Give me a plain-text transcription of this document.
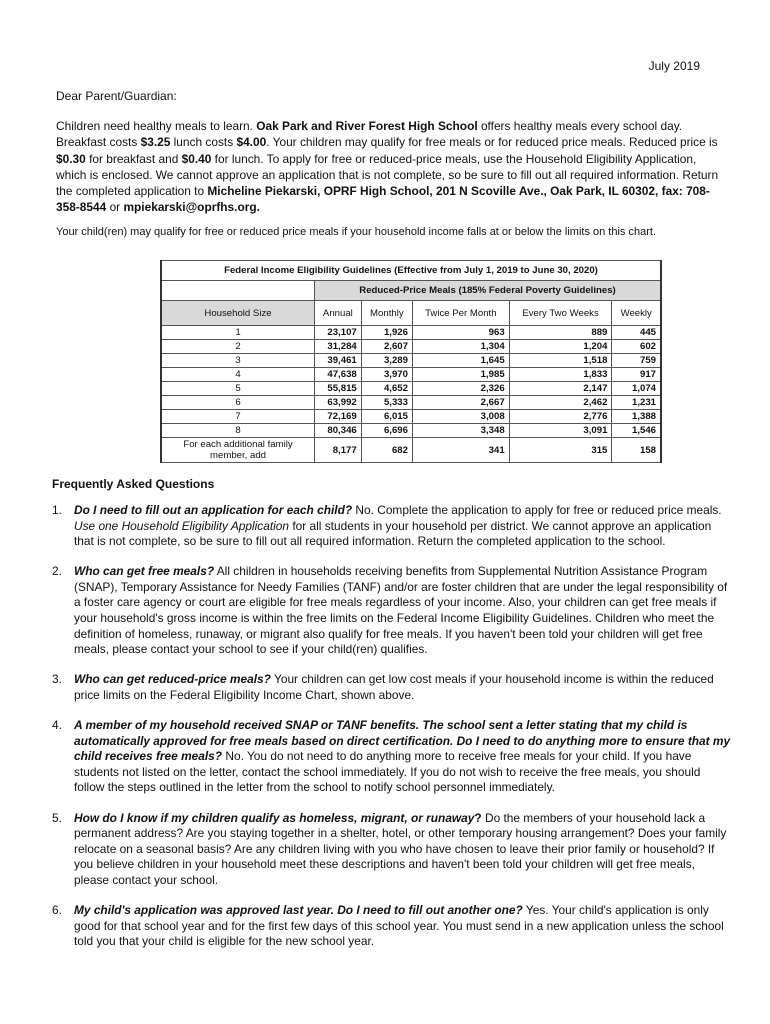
July 2019
Dear Parent/Guardian:
Children need healthy meals to learn. Oak Park and River Forest High School offers healthy meals every school day. Breakfast costs $3.25 lunch costs $4.00. Your children may qualify for free meals or for reduced price meals. Reduced price is $0.30 for breakfast and $0.40 for lunch. To apply for free or reduced-price meals, use the Household Eligibility Application, which is enclosed. We cannot approve an application that is not complete, so be sure to fill out all required information. Return the completed application to Micheline Piekarski, OPRF High School, 201 N Scoville Ave., Oak Park, IL 60302, fax: 708-358-8544 or mpiekarski@oprfhs.org.
Your child(ren) may qualify for free or reduced price meals if your household income falls at or below the limits on this chart.
Federal Income Eligibility Guidelines (Effective from July 1, 2019 to June 30, 2020)					
	Reduced-Price Meals (185% Federal Poverty Guidelines)				
Household Size	Annual	Monthly	Twice Per Month	Every Two Weeks	Weekly
1	23,107	1,926	963	889	445
2	31,284	2,607	1,304	1,204	602
3	39,461	3,289	1,645	1,518	759
4	47,638	3,970	1,985	1,833	917
5	55,815	4,652	2,326	2,147	1,074
6	63,992	5,333	2,667	2,462	1,231
7	72,169	6,015	3,008	2,776	1,388
8	80,346	6,696	3,348	3,091	1,546
For each additional family member, add	8,177	682	341	315	158
Frequently Asked Questions
1. Do I need to fill out an application for each child? No. Complete the application to apply for free or reduced price meals. Use one Household Eligibility Application for all students in your household per district. We cannot approve an application that is not complete, so be sure to fill out all required information. Return the completed application to the school.
2. Who can get free meals? All children in households receiving benefits from Supplemental Nutrition Assistance Program (SNAP), Temporary Assistance for Needy Families (TANF) and/or are foster children that are under the legal responsibility of a foster care agency or court are eligible for free meals regardless of your income. Also, your children can get free meals if your household's gross income is within the free limits on the Federal Income Eligibility Guidelines. Children who meet the definition of homeless, runaway, or migrant also qualify for free meals. If you haven't been told your children will get free meals, please contact your school to see if your child(ren) qualifies.
3. Who can get reduced-price meals? Your children can get low cost meals if your household income is within the reduced price limits on the Federal Eligibility Income Chart, shown above.
4. A member of my household received SNAP or TANF benefits. The school sent a letter stating that my child is automatically approved for free meals based on direct certification. Do I need to do anything more to ensure that my child receives free meals? No. You do not need to do anything more to receive free meals for your child. If you have students not listed on the letter, contact the school immediately. If you do not wish to receive the free meals, you should follow the steps outlined in the letter from the school to notify school personnel immediately.
5. How do I know if my children qualify as homeless, migrant, or runaway? Do the members of your household lack a permanent address? Are you staying together in a shelter, hotel, or other temporary housing arrangement? Does your family relocate on a seasonal basis? Are any children living with you who have chosen to leave their prior family or household? If you believe children in your household meet these descriptions and haven't been told your children will get free meals, please contact your school.
6. My child's application was approved last year. Do I need to fill out another one? Yes. Your child's application is only good for that school year and for the first few days of this school year. You must send in a new application unless the school told you that your child is eligible for the new school year.
